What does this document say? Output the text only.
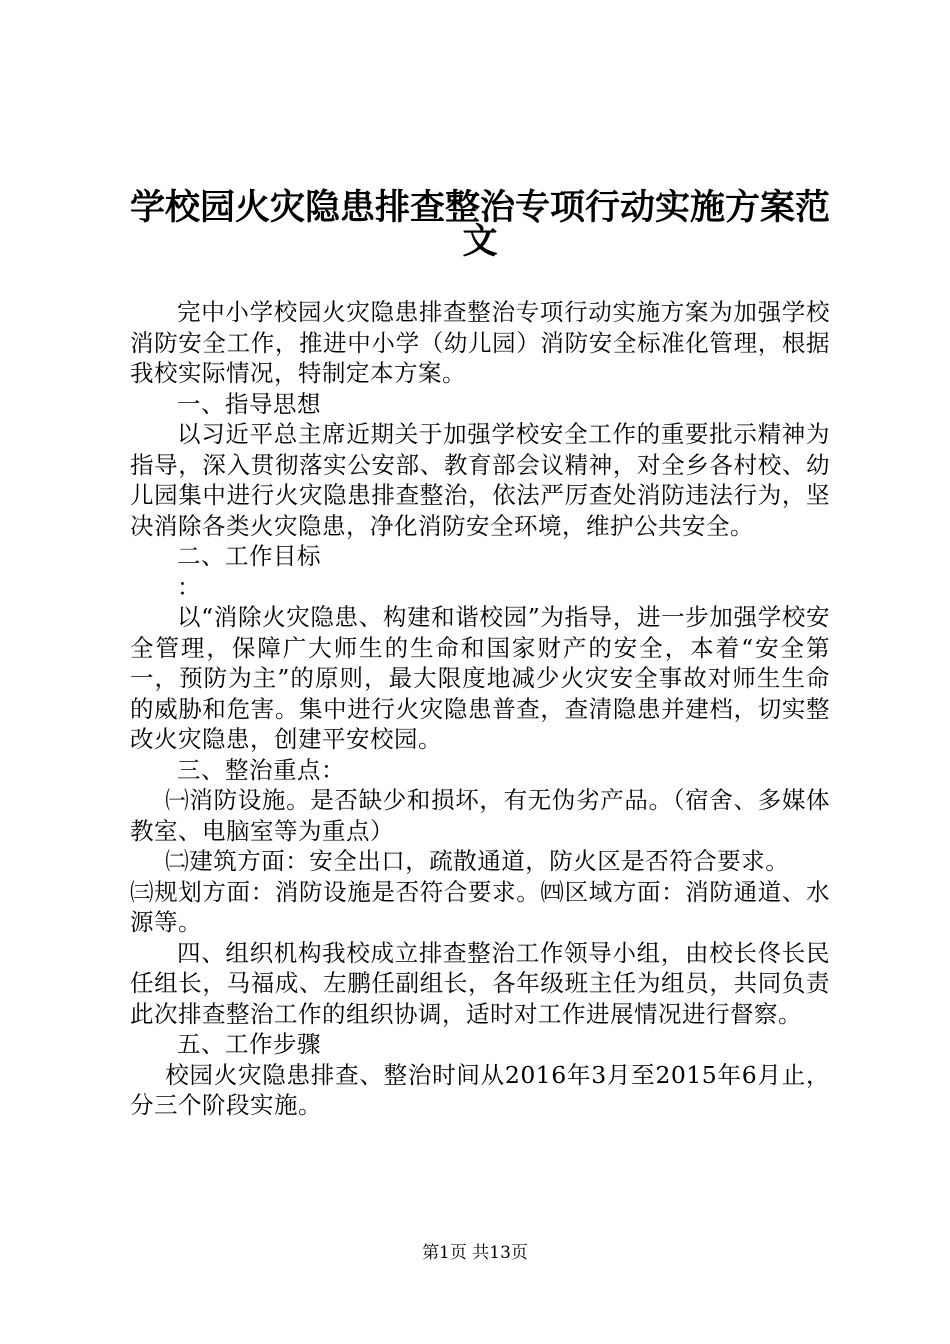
学校园火灾隐患排查整治专项行动实施方案范
文

完中小学校园火灾隐患排查整治专项行动实施方案为加强学校消防安全工作，推进中小学（幼儿园）消防安全标准化管理，根据我校实际情况，特制定本方案。

一、指导思想

以习近平总主席近期关于加强学校安全工作的重要批示精神为指导，深入贯彻落实公安部、教育部会议精神，对全乡各村校、幼儿园集中进行火灾隐患排查整治，依法严厉查处消防违法行为，坚决消除各类火灾隐患，净化消防安全环境，维护公共安全。

二、工作目标

：

以“消除火灾隐患、构建和谐校园”为指导，进一步加强学校安全管理，保障广大师生的生命和国家财产的安全，本着“安全第一，预防为主”的原则，最大限度地减少火灾安全事故对师生生命的威胁和危害。集中进行火灾隐患普查，查清隐患并建档，切实整改火灾隐患，创建平安校园。

三、整治重点：

㈠消防设施。是否缺少和损坏，有无伪劣产品。（宿舍、多媒体教室、电脑室等为重点）

㈡建筑方面：安全出口，疏散通道，防火区是否符合要求。

㈢规划方面：消防设施是否符合要求。㈣区域方面：消防通道、水源等。

四、组织机构我校成立排查整治工作领导小组，由校长佟长民任组长，马福成、左鹏任副组长，各年级班主任为组员，共同负责此次排查整治工作的组织协调，适时对工作进展情况进行督察。

五、工作步骤

校园火灾隐患排查、整治时间从2016年3月至2015年6月止，分三个阶段实施。

第1页 共13页
